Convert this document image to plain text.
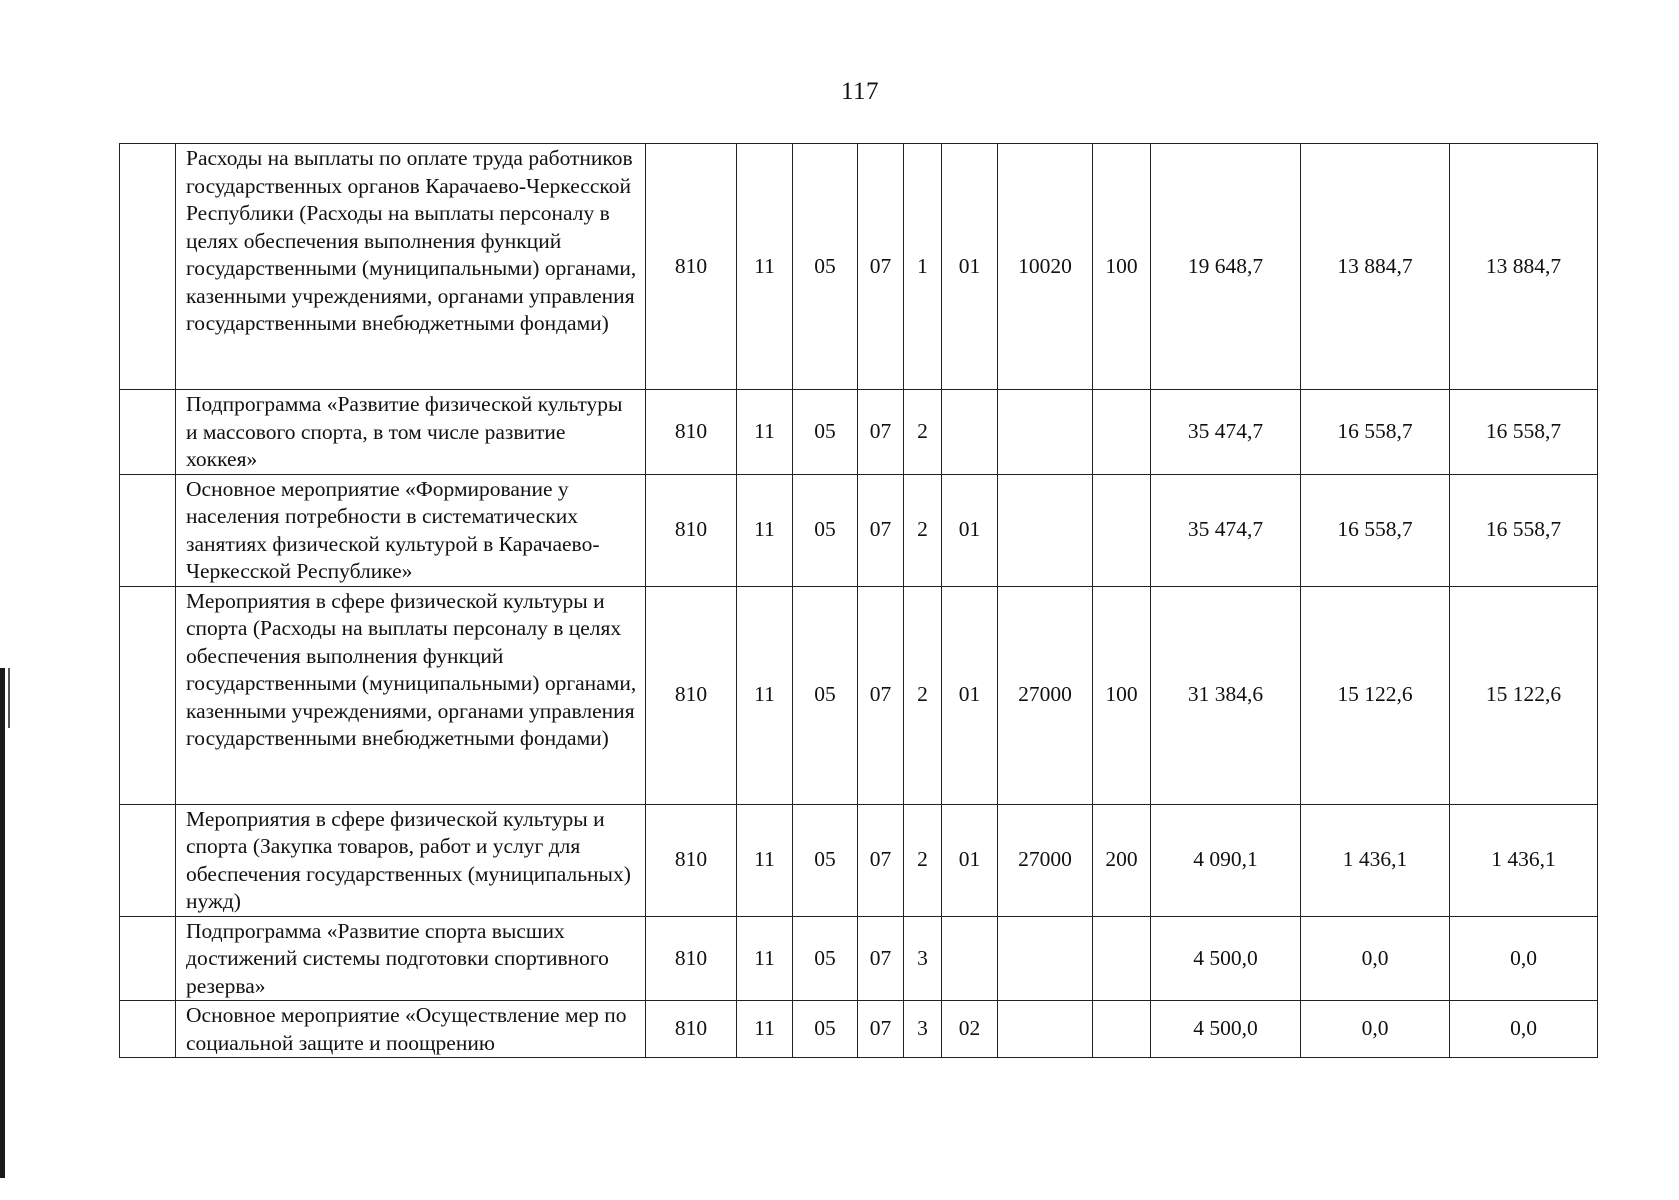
117
	Расходы на выплаты по оплате труда работников государственных органов Карачаево-Черкесской Республики (Расходы на выплаты персоналу в целях обеспечения выполнения функций государственными (муниципальными) органами, казенными учреждениями, органами управления государственными внебюджетными фондами)	810	11	05	07	1	01	10020	100	19 648,7	13 884,7	13 884,7
	Подпрограмма «Развитие физической культуры и массового спорта, в том числе развитие хоккея»	810	11	05	07	2				35 474,7	16 558,7	16 558,7
	Основное мероприятие «Формирование у населения потребности в систематических занятиях физической культурой в Карачаево-Черкесской Республике»	810	11	05	07	2	01			35 474,7	16 558,7	16 558,7
	Мероприятия в сфере физической культуры и спорта (Расходы на выплаты персоналу в целях обеспечения выполнения функций государственными (муниципальными) органами, казенными учреждениями, органами управления государственными внебюджетными фондами)	810	11	05	07	2	01	27000	100	31 384,6	15 122,6	15 122,6
	Мероприятия в сфере физической культуры и спорта (Закупка товаров, работ и услуг для обеспечения государственных (муниципальных) нужд)	810	11	05	07	2	01	27000	200	4 090,1	1 436,1	1 436,1
	Подпрограмма «Развитие спорта высших достижений системы подготовки спортивного резерва»	810	11	05	07	3				4 500,0	0,0	0,0
	Основное мероприятие «Осуществление мер по социальной защите и поощрению	810	11	05	07	3	02			4 500,0	0,0	0,0
